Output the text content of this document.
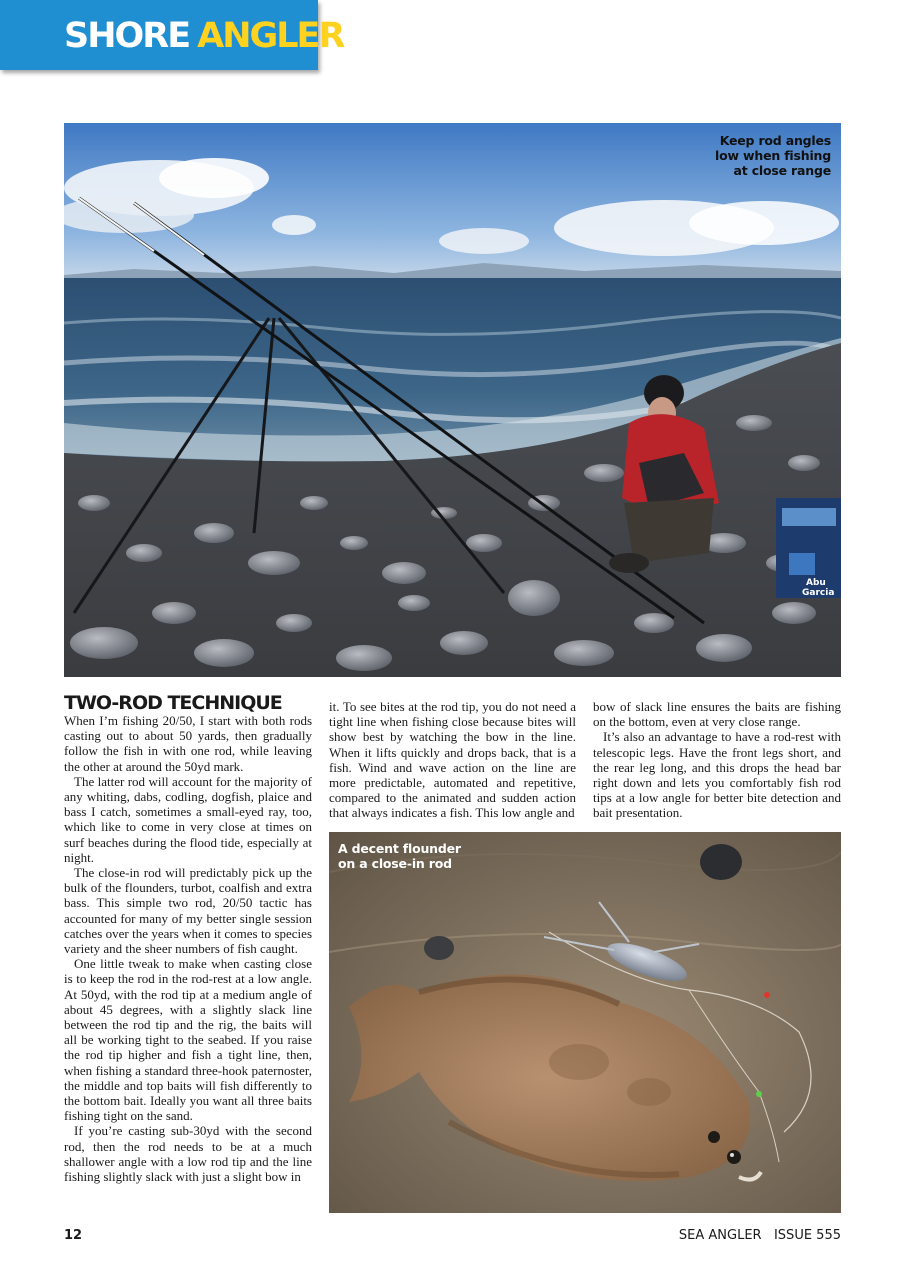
SHORE ANGLER
Abu
Garcia
Keep rod angles
low when fishing
at close range
TWO-ROD TECHNIQUE

When I’m fishing 20/50, I start with both rods casting out to about 50 yards, then gradually follow the fish in with one rod, while leaving the other at around the 50yd mark.

The latter rod will account for the majority of any whiting, dabs, codling, dogfish, plaice and bass I catch, sometimes a small-eyed ray, too, which like to come in very close at times on surf beaches during the flood tide, especially at night.

The close-in rod will predictably pick up the bulk of the flounders, turbot, coalfish and extra bass. This simple two rod, 20/50 tactic has accounted for many of my better single session catches over the years when it comes to species variety and the sheer numbers of fish caught.

One little tweak to make when casting close is to keep the rod in the rod-rest at a low angle. At 50yd, with the rod tip at a medium angle of about 45 degrees, with a slightly slack line between the rod tip and the rig, the baits will all be working tight to the seabed. If you raise the rod tip higher and fish a tight line, then, when fishing a standard three-hook paternoster, the middle and top baits will fish differently to the bottom bait. Ideally you want all three baits fishing tight on the sand.

If you’re casting sub-30yd with the second rod, then the rod needs to be at a much shallower angle with a low rod tip and the line fishing slightly slack with just a slight bow in

it. To see bites at the rod tip, you do not need a tight line when fishing close because bites will show best by watching the bow in the line. When it lifts quickly and drops back, that is a fish. Wind and wave action on the line are more predictable, automated and repetitive, compared to the animated and sudden action that always indicates a fish. This low angle and

bow of slack line ensures the baits are fishing on the bottom, even at very close range.

It’s also an advantage to have a rod-rest with telescopic legs. Have the front legs short, and the rear leg long, and this drops the head bar right down and lets you comfortably fish rod tips at a low angle for better bite detection and bait presentation.

A decent flounder
on a close-in rod
12	SEA ANGLER   ISSUE 555
